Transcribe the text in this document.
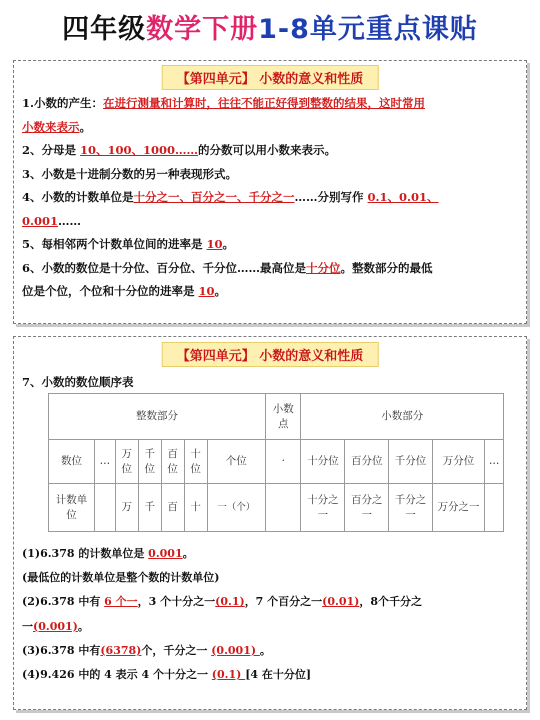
四年级数学下册1-8单元重点课贴
【第四单元】 小数的意义和性质
1.小数的产生：在进行测量和计算时，往往不能正好得到整数的结果，这时常用
小数来表示。
2、分母是 10、100、1000……的分数可以用小数来表示。
3、小数是十进制分数的另一种表现形式。
4、小数的计数单位是十分之一、百分之一、千分之一……分别写作 0.1、0.01、
0.001……
5、每相邻两个计数单位间的进率是 10。
6、小数的数位是十分位、百分位、千分位……最高位是十分位。整数部分的最低
位是个位，个位和十分位的进率是 10。
【第四单元】 小数的意义和性质
7、小数的数位顺序表
整数部分							小数点	小数部分				
数位	…	万位	千位	百位	十位	个位	·	十分位	百分位	千分位	万分位	…
计数单位		万	千	百	十	一（个）		十分之一	百分之一	千分之一	万分之一	
(1)6.378 的计数单位是 0.001。
(最低位的计数单位是整个数的计数单位)
(2)6.378 中有 6 个一，3 个十分之一(0.1)，7 个百分之一(0.01)，8个千分之
一(0.001)。
(3)6.378 中有(6378)个，千分之一 (0.001) 。
(4)9.426 中的 4 表示 4 个十分之一 (0.1) [4 在十分位]
